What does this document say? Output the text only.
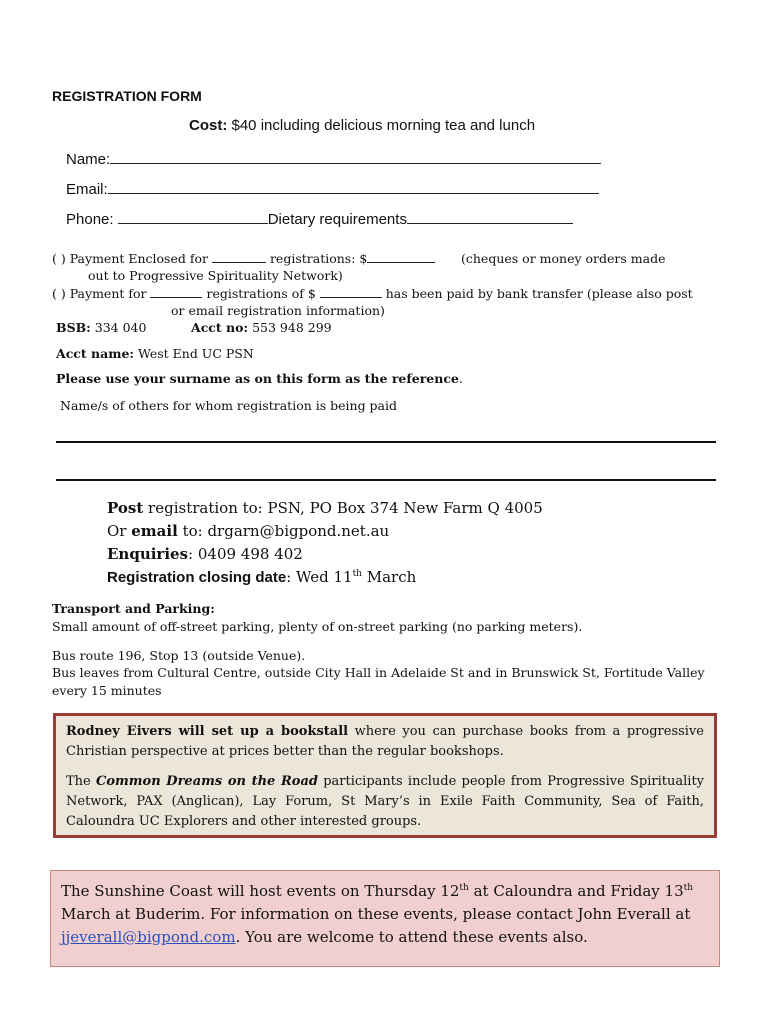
REGISTRATION FORM
Cost: $40 including delicious morning tea and lunch
Name:
Email:
Phone:	Dietary requirements
( ) Payment Enclosed for	registrations: $	(cheques or money orders made
out to Progressive Spirituality Network)
( ) Payment for	registrations of $	has been paid by bank transfer (please also post
or email registration information)
BSB: 334 040	Acct no: 553 948 299
Acct name: West End UC PSN
Please use your surname as on this form as the reference.
Name/s of others for whom registration is being paid
Post registration to: PSN, PO Box 374 New Farm Q 4005
Or email to: drgarn@bigpond.net.au
Enquiries: 0409 498 402
Registration closing date: Wed 11th March
Transport and Parking:
Small amount of off-street parking, plenty of on-street parking (no parking meters).
Bus route 196, Stop 13 (outside Venue).
Bus leaves from Cultural Centre, outside City Hall in Adelaide St and in Brunswick St, Fortitude Valley
every 15 minutes

Rodney Eivers will set up a bookstall where you can purchase books from a progressive Christian perspective at prices better than the regular bookshops.

The Common Dreams on the Road participants include people from Progressive Spirituality Network, PAX (Anglican), Lay Forum, St Mary’s in Exile Faith Community, Sea of Faith, Caloundra UC Explorers and other interested groups.

The Sunshine Coast will host events on Thursday 12th at Caloundra and Friday 13th March at Buderim. For information on these events, please contact John Everall at jjeverall@bigpond.com. You are welcome to attend these events also.
